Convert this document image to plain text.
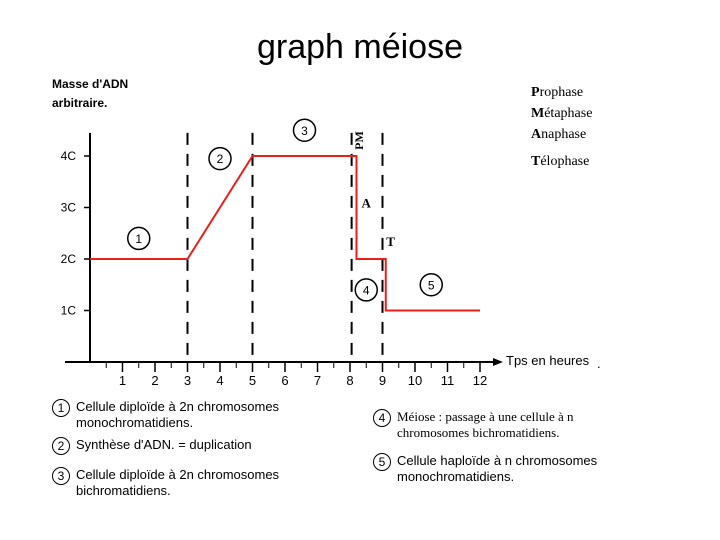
graph méiose
1 2 3 4 5 6 7 8 9 10 11 12
1C
2C
3C
4C
Masse d'ADN
arbitraire.
Tps en heures .
1
2
3
4	5
PM
A
T
Prophase
Métaphase
Anaphase
Télophase
1 Cellule diploïde à 2n chromosomes
monochromatidiens.
2 Synthèse d'ADN. = duplication
3 Cellule diploïde à 2n chromosomes
bichromatidiens.
4 Méiose : passage à une cellule à n
chromosomes bichromatidiens.
5 Cellule haploïde à n chromosomes
monochromatidiens.
